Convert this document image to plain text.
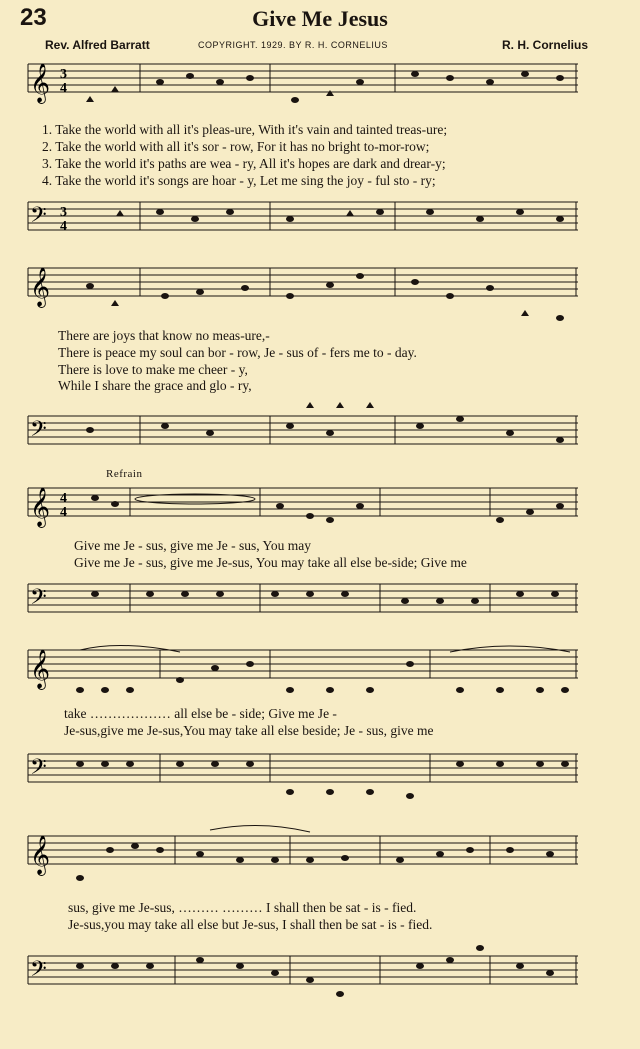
23	Give Me Jesus
Rev. Alfred Barratt	COPYRIGHT. 1929. BY R. H. CORNELIUS	R. H. Cornelius
𝄞 3
4
1. Take the world with all it's pleas-ure, With it's vain and tainted treas-ure;
2. Take the world with all it's sor - row, For it has no bright to-mor-row;
3. Take the world it's paths are wea - ry, All it's hopes are dark and drear-y;
4. Take the world it's songs are hoar - y, Let me sing the joy - ful sto - ry;
𝄢 3
4
𝄞
There are joys that know no meas-ure,-
There is peace my soul can bor - row, Je - sus of - fers me to - day.
There is love to make me cheer - y,
While I share the grace and glo - ry,
𝄢
Refrain
𝄞 4
4
Give me Je - sus, give me Je - sus, You may
Give me Je - sus, give me Je-sus, You may take all else be-side; Give me
𝄢
𝄞
take ……………… all else be - side; Give me Je -
Je-sus,give me Je-sus,You may take all else beside; Je - sus, give me
𝄢
𝄞
sus, give me Je-sus, ……… ……… I shall then be sat - is - fied.
Je-sus,you may take all else but Je-sus, I shall then be sat - is - fied.
𝄢
